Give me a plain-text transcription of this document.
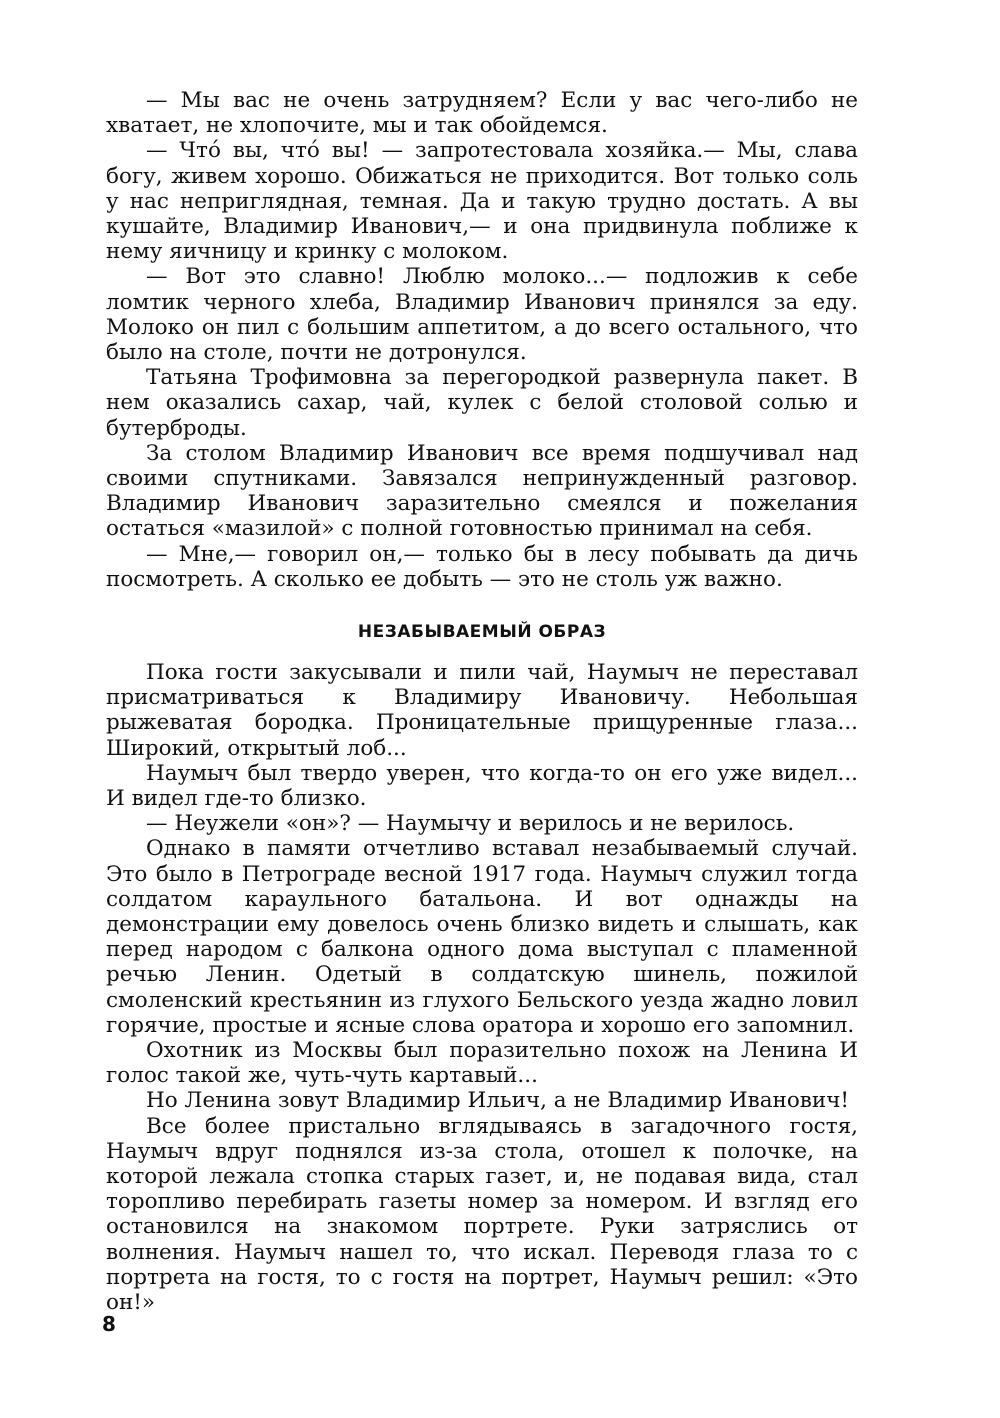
— Мы вас не очень затрудняем? Если у вас чего-либо не хватает, не хлопочите, мы и так обойдемся.

— Что́ вы, что́ вы! — запротестовала хозяйка.— Мы, слава богу, живем хорошо. Обижаться не приходится. Вот только соль у нас неприглядная, темная. Да и такую трудно достать. А вы кушайте, Владимир Иванович,— и она придвинула поближе к нему яичницу и кринку с молоком.

— Вот это славно! Люблю молоко...— подложив к себе ломтик черного хлеба, Владимир Иванович принялся за еду. Молоко он пил с большим аппетитом, а до всего остального, что было на столе, почти не дотронулся.

Татьяна Трофимовна за перегородкой развернула пакет. В нем оказались сахар, чай, кулек с белой столовой солью и бутерброды.

За столом Владимир Иванович все время подшучивал над своими спутниками. Завязался непринужденный разговор. Владимир Иванович заразительно смеялся и пожелания остаться «мазилой» с полной готовностью принимал на себя.

— Мне,— говорил он,— только бы в лесу побывать да дичь посмотреть. А сколько ее добыть — это не столь уж важно.

НЕЗАБЫВАЕМЫЙ ОБРАЗ

Пока гости закусывали и пили чай, Наумыч не переставал присматриваться к Владимиру Ивановичу. Небольшая рыжеватая бородка. Проницательные прищуренные глаза... Широкий, открытый лоб...

Наумыч был твердо уверен, что когда-то он его уже видел... И видел где-то близко.

— Неужели «он»? — Наумычу и верилось и не верилось.

Однако в памяти отчетливо вставал незабываемый случай. Это было в Петрограде весной 1917 года. Наумыч служил тогда солдатом караульного батальона. И вот однажды на демонстрации ему довелось очень близко видеть и слышать, как перед народом с балкона одного дома выступал с пламенной речью Ленин. Одетый в солдатскую шинель, пожилой смоленский крестьянин из глухого Бельского уезда жадно ловил горячие, простые и ясные слова оратора и хорошо его запомнил.

Охотник из Москвы был поразительно похож на Ленина И голос такой же, чуть-чуть картавый...

Но Ленина зовут Владимир Ильич, а не Владимир Иванович!

Все более пристально вглядываясь в загадочного гостя, Наумыч вдруг поднялся из-за стола, отошел к полочке, на которой лежала стопка старых газет, и, не подавая вида, стал торопливо перебирать газеты номер за номером. И взгляд его остановился на знакомом портрете. Руки затряслись от волнения. Наумыч нашел то, что искал. Переводя глаза то с портрета на гостя, то с гостя на портрет, Наумыч решил: «Это он!»

8
